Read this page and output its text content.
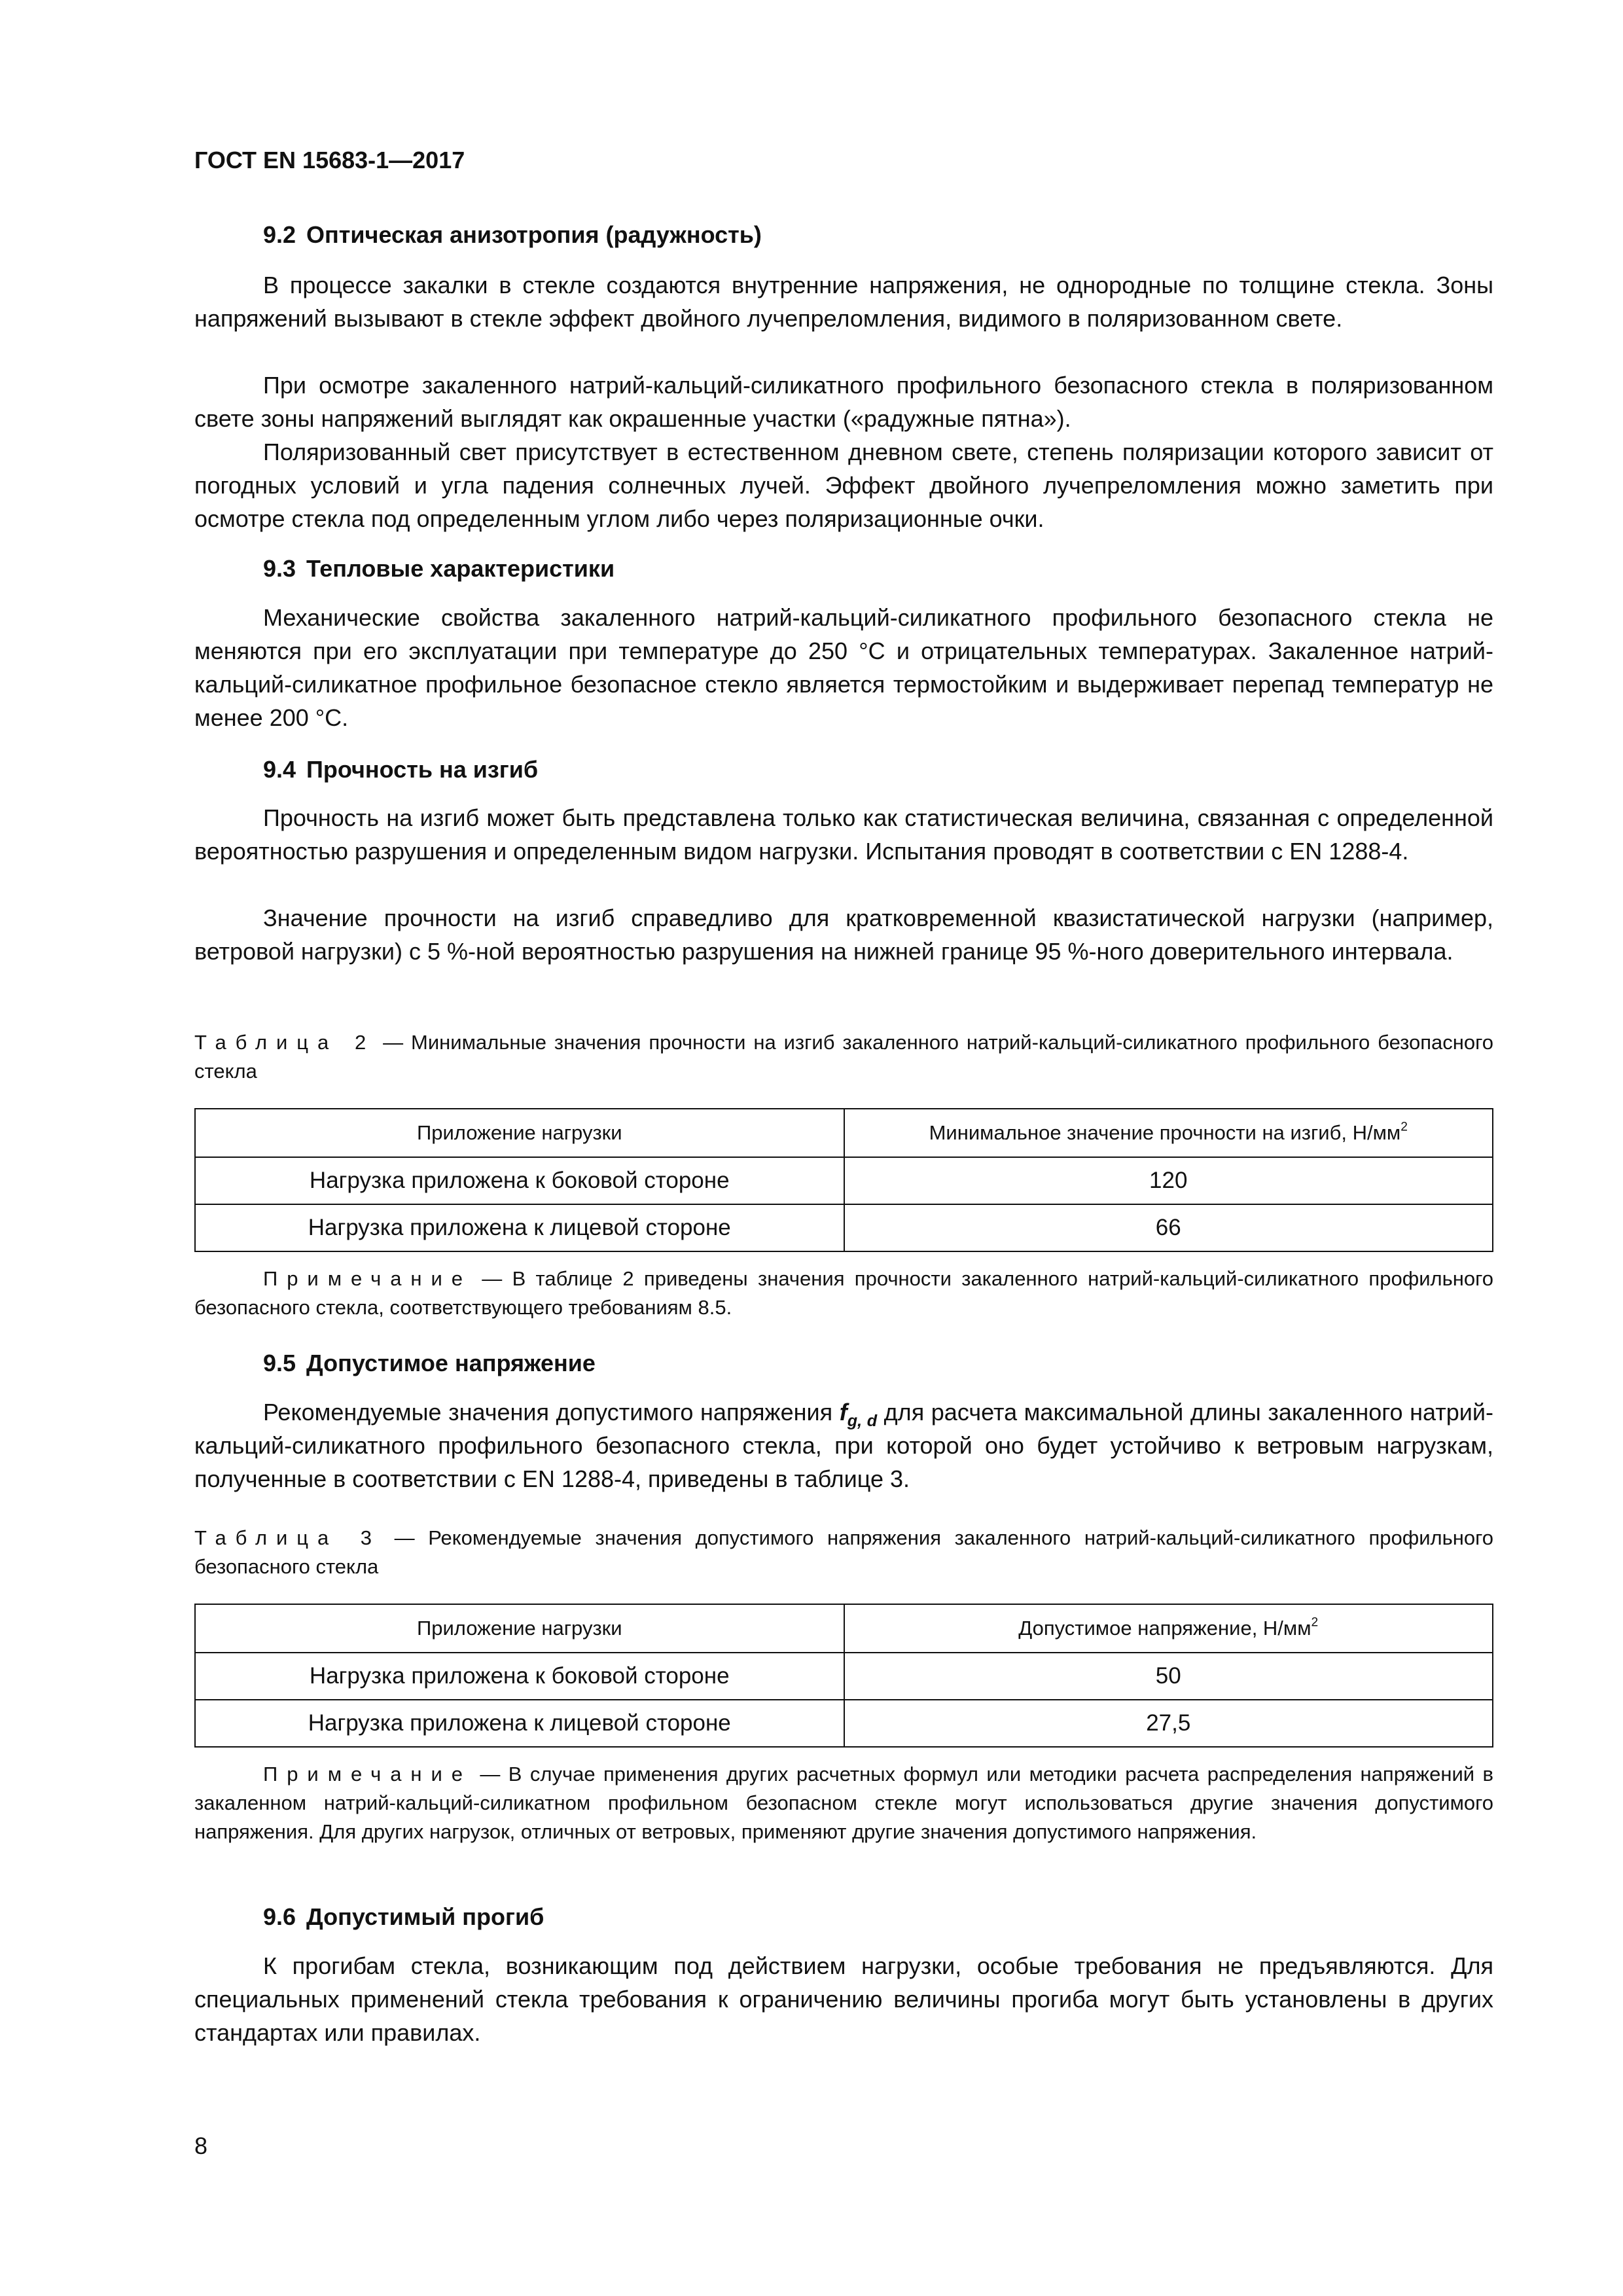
ГОСТ EN 15683-1—2017
9.2 Оптическая анизотропия (радужность)

В процессе закалки в стекле создаются внутренние напряжения, не однородные по толщине стекла. Зоны напряжений вызывают в стекле эффект двойного лучепреломления, видимого в поляризованном свете.

При осмотре закаленного натрий-кальций-силикатного профильного безопасного стекла в поляризованном свете зоны напряжений выглядят как окрашенные участки («радужные пятна»).

Поляризованный свет присутствует в естественном дневном свете, степень поляризации которого зависит от погодных условий и угла падения солнечных лучей. Эффект двойного лучепреломления можно заметить при осмотре стекла под определенным углом либо через поляризационные очки.

9.3 Тепловые характеристики

Механические свойства закаленного натрий-кальций-силикатного профильного безопасного стекла не меняются при его эксплуатации при температуре до 250 °C и отрицательных температурах. Закаленное натрий-кальций-силикатное профильное безопасное стекло является термостойким и выдерживает перепад температур не менее 200 °C.

9.4 Прочность на изгиб

Прочность на изгиб может быть представлена только как статистическая величина, связанная с определенной вероятностью разрушения и определенным видом нагрузки. Испытания проводят в соответствии с EN 1288-4.

Значение прочности на изгиб справедливо для кратковременной квазистатической нагрузки (например, ветровой нагрузки) с 5 %-ной вероятностью разрушения на нижней границе 95 %-ного доверительного интервала.

Таблица 2 — Минимальные значения прочности на изгиб закаленного натрий-кальций-силикатного профильного безопасного стекла

Приложение нагрузки	Минимальное значение прочности на изгиб, $Н/мм^2$
Нагрузка приложена к боковой стороне	120
Нагрузка приложена к лицевой стороне	66

Примечание — В таблице 2 приведены значения прочности закаленного натрий-кальций-силикатного профильного безопасного стекла, соответствующего требованиям 8.5.

9.5 Допустимое напряжение

Рекомендуемые значения допустимого напряжения $f_{g, d}$ для расчета максимальной длины закаленного натрий-кальций-силикатного профильного безопасного стекла, при которой оно будет устойчиво к ветровым нагрузкам, полученные в соответствии с EN 1288-4, приведены в таблице 3.

Таблица 3 — Рекомендуемые значения допустимого напряжения закаленного натрий-кальций-силикатного профильного безопасного стекла

Приложение нагрузки	Допустимое напряжение, $Н/мм^2$
Нагрузка приложена к боковой стороне	50
Нагрузка приложена к лицевой стороне	27,5

Примечание — В случае применения других расчетных формул или методики расчета распределения напряжений в закаленном натрий-кальций-силикатном профильном безопасном стекле могут использоваться другие значения допустимого напряжения. Для других нагрузок, отличных от ветровых, применяют другие значения допустимого напряжения.

9.6 Допустимый прогиб

К прогибам стекла, возникающим под действием нагрузки, особые требования не предъявляются. Для специальных применений стекла требования к ограничению величины прогиба могут быть установлены в других стандартах или правилах.

8
